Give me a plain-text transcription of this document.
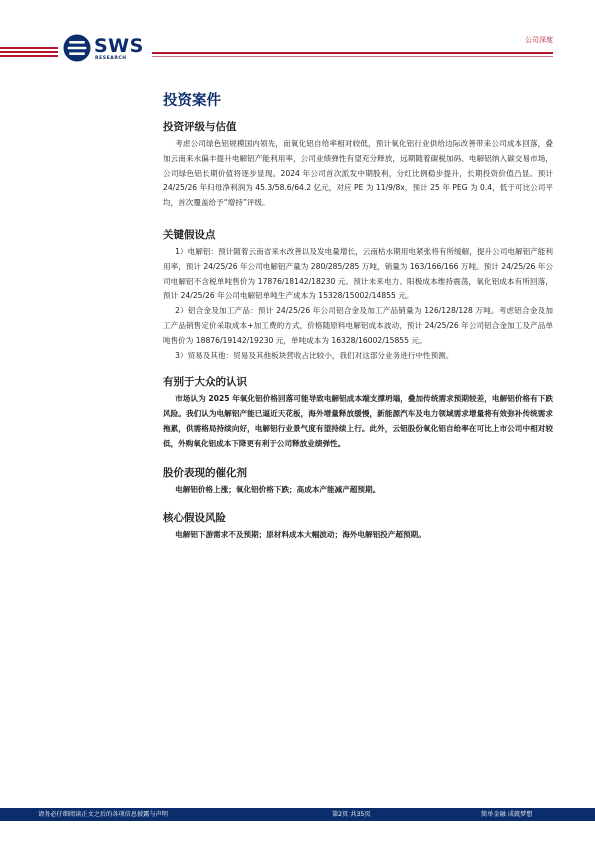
SWS
RESEARCH
公司深度
投资案件
投资评级与估值

考虑公司绿色铝规模国内领先，而氧化铝自给率相对较低，预计氧化铝行业供给边际改善带来公司成本回落，叠加云南来水偏丰提升电解铝产能利用率，公司业绩弹性有望充分释放，远期随着碳税加码、电解铝纳入碳交易市场，公司绿色铝长期价值将逐步显现。2024 年公司首次派发中期股利，分红比例稳步提升，长期投资价值凸显。预计 24/25/26 年归母净利润为 45.3/58.6/64.2 亿元，对应 PE 为 11/9/8x，预计 25 年 PEG 为 0.4，低于可比公司平均，首次覆盖给予“增持”评级。

关键假设点

1）电解铝：预计随着云南省来水改善以及发电量增长，云南枯水期用电紧张将有所缓解，提升公司电解铝产能利用率，预计 24/25/26 年公司电解铝产量为 280/285/285 万吨，销量为 163/166/166 万吨。预计 24/25/26 年公司电解铝不含税单吨售价为 17876/18142/18230 元。预计未来电力、阳极成本维持震荡，氧化铝成本有所回落，预计 24/25/26 年公司电解铝单吨生产成本为 15328/15002/14855 元。

2）铝合金及加工产品：预计 24/25/26 年公司铝合金及加工产品销量为 126/128/128 万吨。考虑铝合金及加工产品销售定价采取成本+加工费的方式，价格随原料电解铝成本波动，预计 24/25/26 年公司铝合金加工及产品单吨售价为 18876/19142/19230 元，单吨成本为 16328/16002/15855 元。

3）贸易及其他：贸易及其他板块营收占比较小，我们对这部分业务进行中性预测。

有别于大众的认识

市场认为 2025 年氧化铝价格回落可能导致电解铝成本端支撑坍塌，叠加传统需求预期较差，电解铝价格有下跌风险。我们认为电解铝产能已逼近天花板，海外增量释放缓慢，新能源汽车及电力领域需求增量将有效弥补传统需求拖累，供需格局持续向好，电解铝行业景气度有望持续上行。此外，云铝股份氧化铝自给率在可比上市公司中相对较低，外购氧化铝成本下降更有利于公司释放业绩弹性。

股价表现的催化剂

电解铝价格上涨；氧化铝价格下跌；高成本产能减产超预期。

核心假设风险

电解铝下游需求不及预期；原材料成本大幅波动；海外电解铝投产超预期。

请务必仔细阅读正文之后的各项信息披露与声明	第2页 共35页	简单金融 成就梦想
